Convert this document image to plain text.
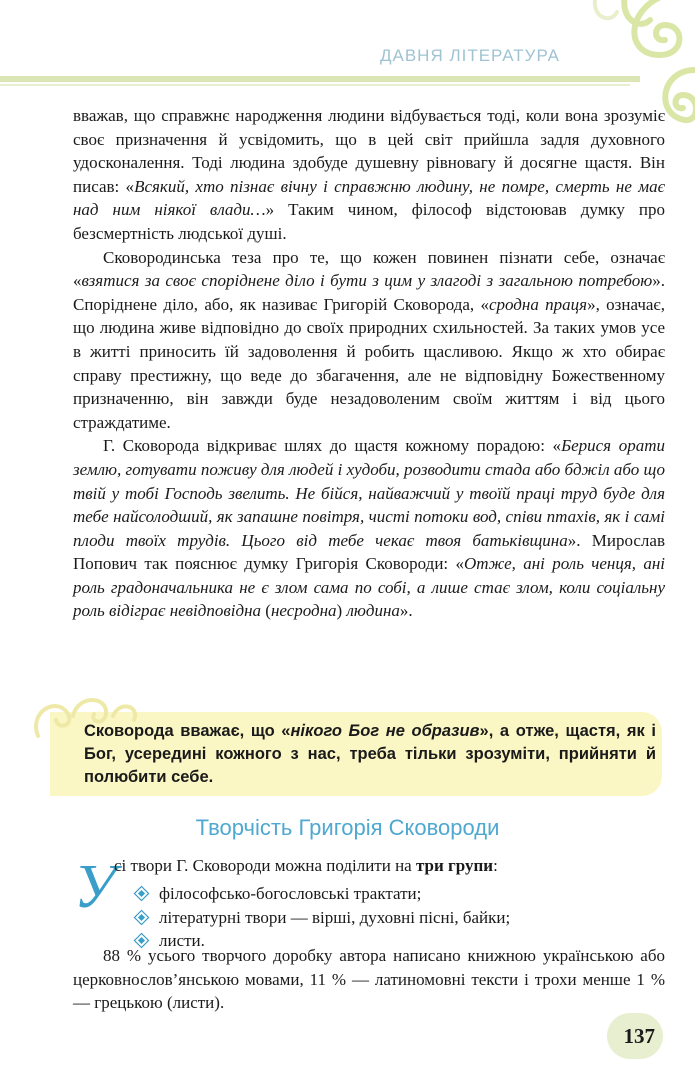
ДАВНЯ ЛІТЕРАТУРА

вважав, що справжнє народження людини відбувається тоді, коли вона зрозуміє своє призначення й усвідомить, що в цей світ прийшла задля духовного удосконалення. Тоді людина здобуде душевну рівновагу й досягне щастя. Він писав: «Всякий, хто пізнає вічну і справжню людину, не помре, смерть не має над ним ніякої влади…» Таким чином, філософ відстоював думку про безсмертність людської душі.

Сковородинська теза про те, що кожен повинен пізнати себе, означає «взятися за своє споріднене діло і бути з цим у злагоді з загальною потребою». Споріднене діло, або, як називає Григорій Сковорода, «сродна праця», означає, що людина живе відповідно до своїх природних схильностей. За таких умов усе в житті приносить їй задоволення й робить щасливою. Якщо ж хто обирає справу престижну, що веде до збагачення, але не відповідну Божественному призначенню, він завжди буде незадоволеним своїм життям і від цього страждатиме.

Г. Сковорода відкриває шлях до щастя кожному порадою: «Берися орати землю, готувати поживу для людей і худоби, розводити стада або бджіл або що твій у тобі Господь звелить. Не бійся, найважчий у твоїй праці труд буде для тебе найсолодший, як запашне повітря, чисті потоки вод, співи птахів, як і самі плоди твоїх трудів. Цього від тебе чекає твоя батьківщина». Мирослав Попович так пояснює думку Григорія Сковороди: «Отже, ані роль ченця, ані роль градоначальника не є злом сама по собі, а лише стає злом, коли соціальну роль відіграє невідповідна (несродна) людина».

Сковорода вважає, що «нікого Бог не образив», а отже, щастя, як і Бог, усередині кожного з нас, треба тільки зрозуміти, прийняти й полюбити себе.
Творчість Григорія Сковороди
У
сі твори Г. Сковороди можна поділити на три групи:
філософсько-богословські трактати;
літературні твори — вірші, духовні пісні, байки;
листи.

88 % усього творчого доробку автора написано книжною українською або церковнослов’янською мовами, 11 % — латиномовні тексти і трохи менше 1 % — грецькою (листи).

137
